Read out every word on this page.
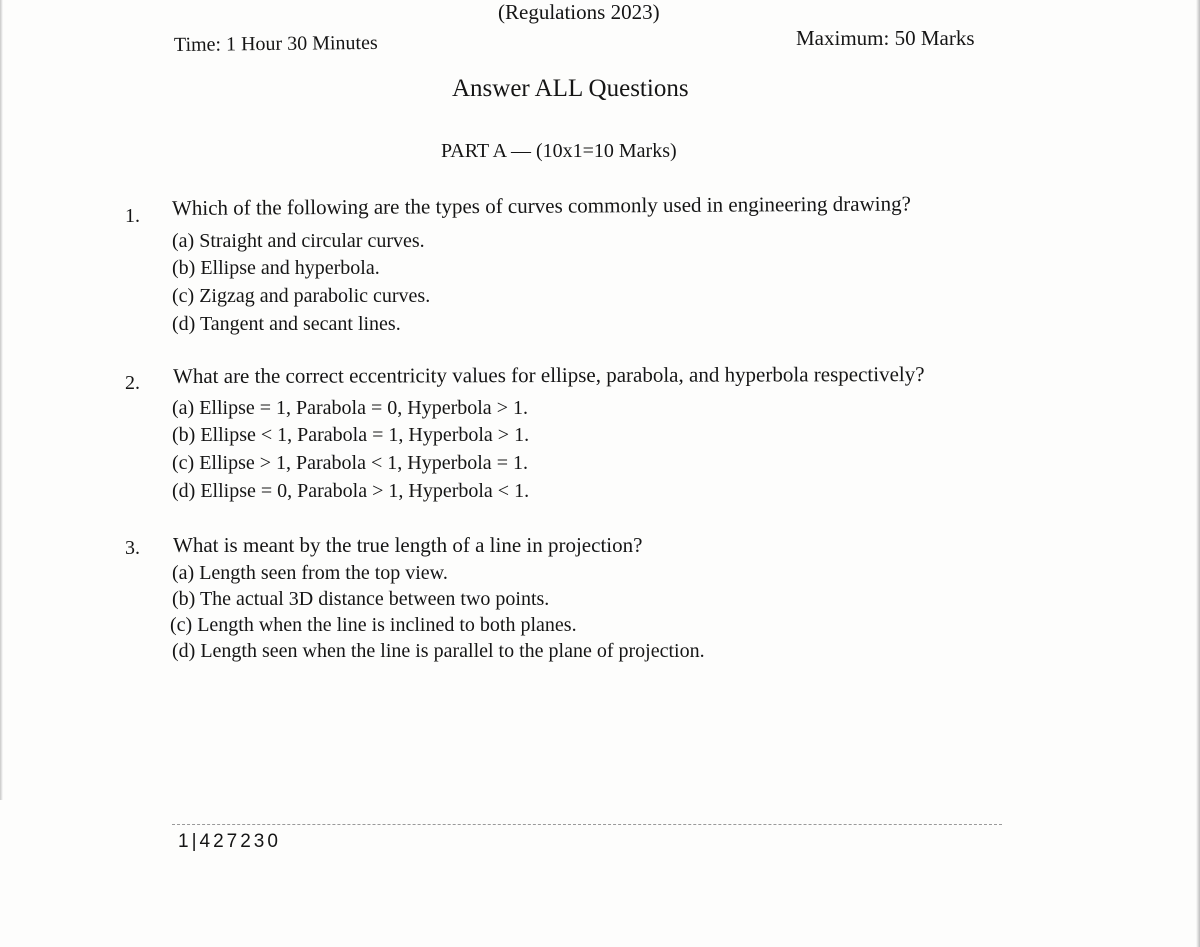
(Regulations 2023)
Time: 1 Hour 30 Minutes	Maximum: 50 Marks
Answer ALL Questions
PART A — (10x1=10 Marks)
1. Which of the following are the types of curves commonly used in engineering drawing?
(a) Straight and circular curves.
(b) Ellipse and hyperbola.
(c) Zigzag and parabolic curves.
(d) Tangent and secant lines.
2. What are the correct eccentricity values for ellipse, parabola, and hyperbola respectively?
(a) Ellipse = 1, Parabola = 0, Hyperbola > 1.
(b) Ellipse < 1, Parabola = 1, Hyperbola > 1.
(c) Ellipse > 1, Parabola < 1, Hyperbola = 1.
(d) Ellipse = 0, Parabola > 1, Hyperbola < 1.
3. What is meant by the true length of a line in projection?
(a) Length seen from the top view.
(b) The actual 3D distance between two points.
(c) Length when the line is inclined to both planes.
(d) Length seen when the line is parallel to the plane of projection.
1|427230
